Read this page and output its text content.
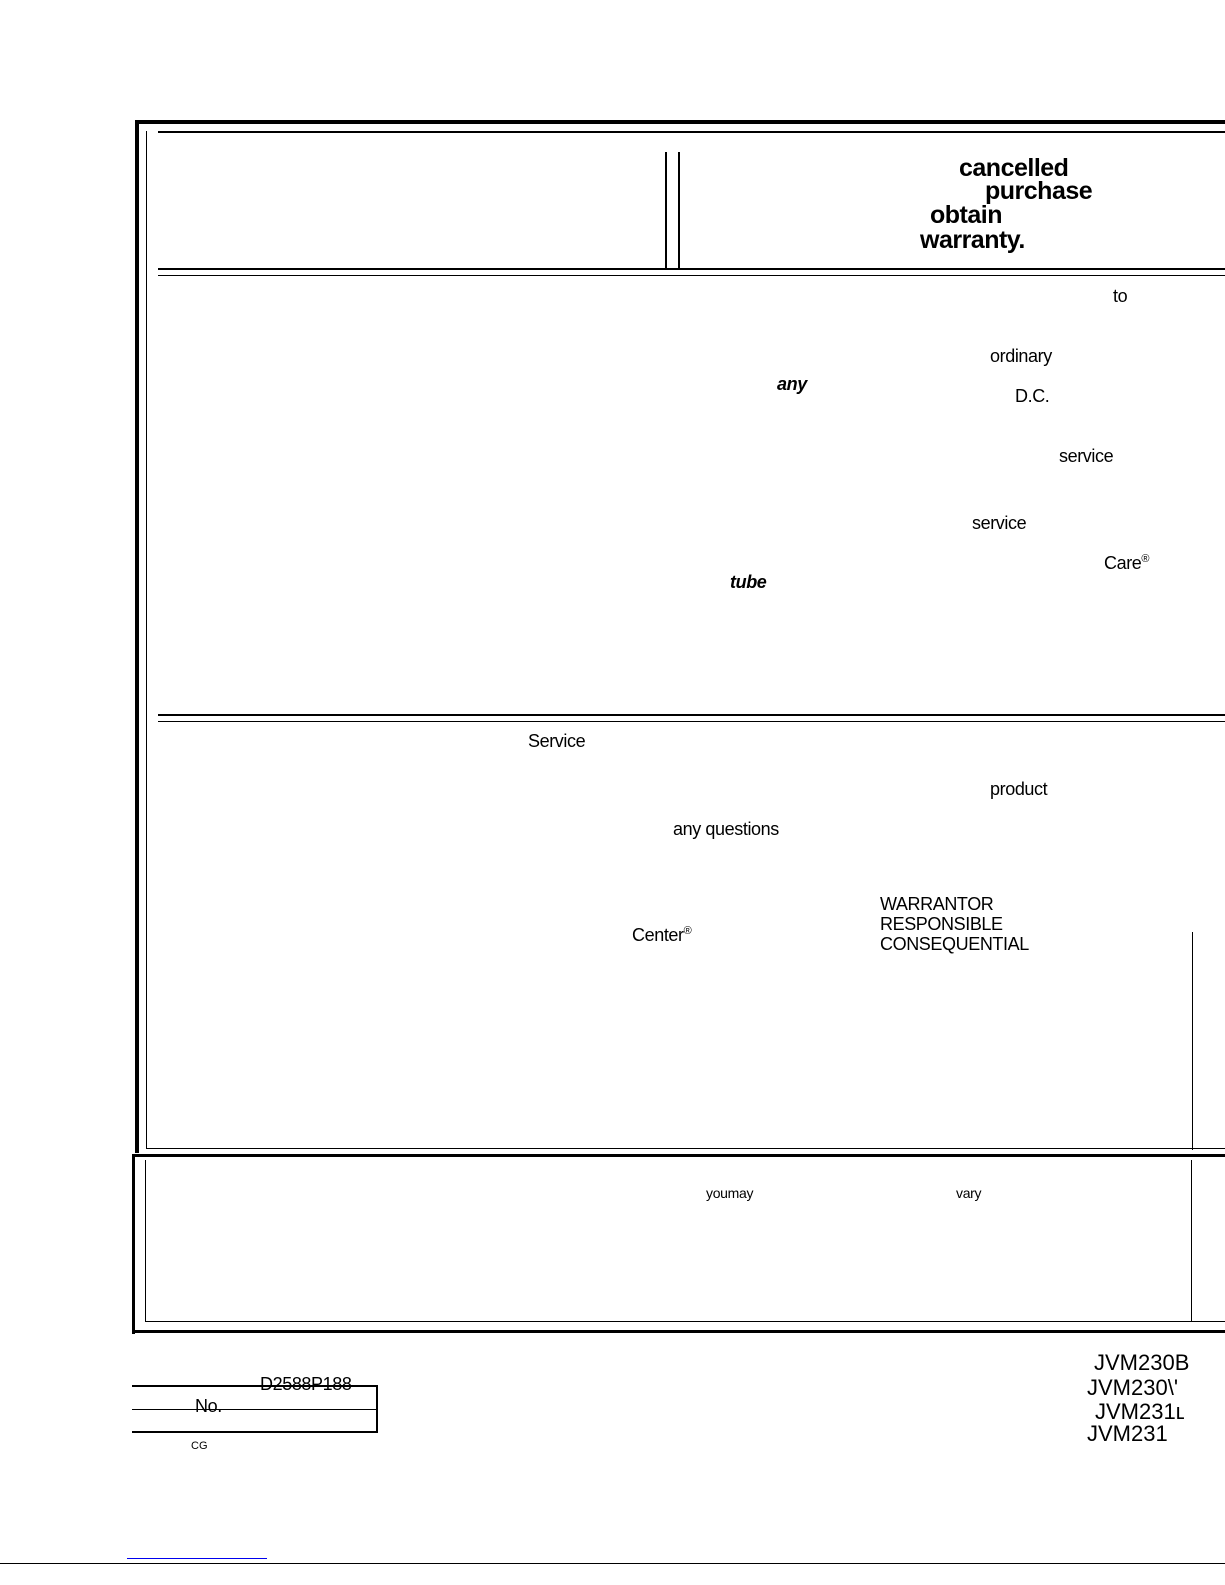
cancelled
purchase
obtain
warranty.
to
ordinary
any
D.C.
service
service
Care®
tube
Service
product
any questions
WARRANTOR
RESPONSIBLE
CONSEQUENTIAL
Center®
youmay	vary
D2588P188
No.
CG
JVM230B
JVM230\'
JVM231ʟ
JVM231
